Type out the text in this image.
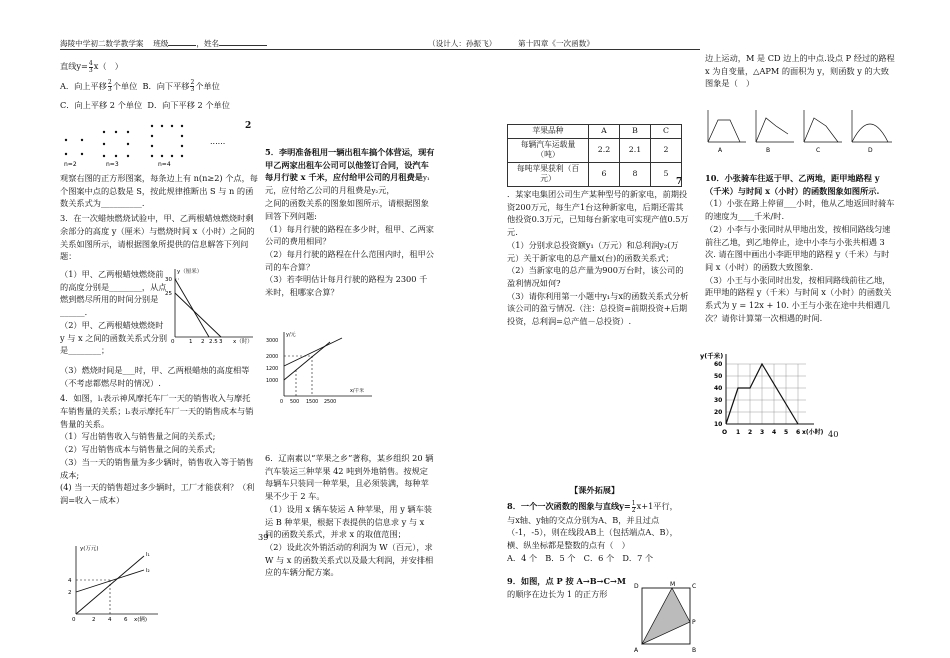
海陵中学初二数学教学案 班级	，姓名	（设计人：孙振飞）	第十四章《一次函数》

直线$y= \frac{4}{3} x$（　）

A．向上平移 $\frac{2}{3}$ 个单位 B．向下平移 $\frac{2}{3}$ 个单位

C．向上平移 2 个单位 D．向下平移 2 个单位

2
......
n=2	n=3	n=4

观察右图的正方形图案，每条边上有 n(n≥2) 个点，每个图案中点的总数是 S，按此规律推断出 S 与 n 的函数关系式为__________.

3．在一次蜡烛燃烧试验中，甲、乙两根蜡烛燃烧时剩余部分的高度 y（厘米）与燃烧时间 x（小时）之间的关系如图所示，请根据图象所提供的信息解答下列问题：

（1）甲、乙两根蜡烛燃烧前的高度分别是________，从点燃到燃尽所用的时间分别是______．

（2）甲、乙两根蜡烛燃烧时 y 与 x 之间的函数关系式分别是________；

（3）燃烧时间是___时，甲、乙两根蜡烛的高度相等（不考虑都燃尽时的情况）.

y（厘米）
30
25
0	1 2 2.5 3 x（时）

4．如图，l₁表示神风摩托车厂一天的销售收入与摩托车销售量的关系；l₂表示摩托车厂一天的销售成本与销售量的关系。

（1）写出销售收入与销售量之间的关系式;

（2）写出销售成本与销售量之间的关系式;

（3）当一天的销售量为多少辆时，销售收入等于销售成本;

(4) 当一天的销售超过多少辆时，工厂才能获利？（利润=收入－成本）

y(万元)
4
2
0	2 4 6 x(辆)
l₁
l₂

5．李明准备租用一辆出租车搞个体营运，现有甲乙两家出租车公司可以他签订合同，设汽车每月行驶 x 千米，应付给甲公司的月租费是y₁元，应付给乙公司的月租费是y₂元，

之间的函数关系的图象如图所示，请根据图象回答下列问题:

（1）每月行驶的路程在多少时，租甲、乙两家公司的费用相同？

（2）每月行驶的路程在什么范围内时，租甲公司的车合算？

（3）若李明估计每月行驶的路程为 2300 千米时，租哪家合算？

y/元
3000
2000
1200
1000
0 500 1500 2500
x/千米

6．辽南素以“苹果之乡”著称，某乡组织 20 辆汽车装运三种苹果 42 吨到外地销售。按规定每辆车只装同一种苹果，且必须装满，每种苹果不少于 2 车。

（1）设用 x 辆车装运 A 种苹果，用 y 辆车装运 B 种苹果，根据下表提供的信息求 y 与 x 间的函数关系式，并求 x 的取值范围；

（2）设此次外销活动的利润为 W（百元），求 W 与 x 的函数关系式以及最大利润，并安排相应的车辆分配方案。

39
苹果品种	A	B	C
每辆汽车运载量（吨）	2.2	2.1	2
每吨苹果获利（百元）	6	8	5
7

．某家电集团公司生产某种型号的新家电，前期投资200万元，每生产1台这种新家电，后期还需其他投资0.3万元，已知每台新家电可实现产值0.5万元.

（1）分别求总投资额y₁（万元）和总利润y₂(万元）关于新家电的总产量x(台)的函数关系式；

（2）当新家电的总产量为900万台时，该公司的盈利情况如何?

（3）请你利用第一小题中y₁与x的函数关系式分析该公司的盈亏情况.（注：总投资=前期投资+后期投资，总利润=总产值－总投资）.

【课外拓展】

8．一个一次函数的图象与直线$y= \frac{1}{2} x+1$平行，

与x轴、y轴的交点分别为A、B，并且过点（-1，-5），则在线段AB上（包括端点A、B），横、纵坐标都是整数的点有（　）

A．4 个　B．5 个　C．6 个　D．7 个

9．如图，点 P 按 A→B→C→M

的顺序在边长为 1 的正方形

A	B
C
D	M
P

边上运动，M 是 CD 边上的中点.设点 P 经过的路程 x 为自变量，△APM 的面积为 y，则函数 y 的大致图象是（　）

A	B	C	D

10．小张骑车往返于甲、乙两地，距甲地路程 y（千米）与时间 x（小时）的函数图象如图所示.

（1）小张在路上停留___小时，他从乙地返回时骑车的速度为____千米/时.

（2）小李与小张同时从甲地出发，按相同路线匀速前往乙地，到乙地停止，途中小李与小张共相遇 3 次. 请在图中画出小李距甲地的路程 y（千米）与时间 x（小时）的函数大致图象.

（3）小王与小张同时出发，按相同路线前往乙地，距甲地的路程 y（千米）与时间 x（小时）的函数关系式为 y = 12x + 10. 小王与小张在途中共相遇几次？请你计算第一次相遇的时间.

y(千米)
60
50
40
30
20
10
O 1 2 3 4 5 6 x(小时) 40
